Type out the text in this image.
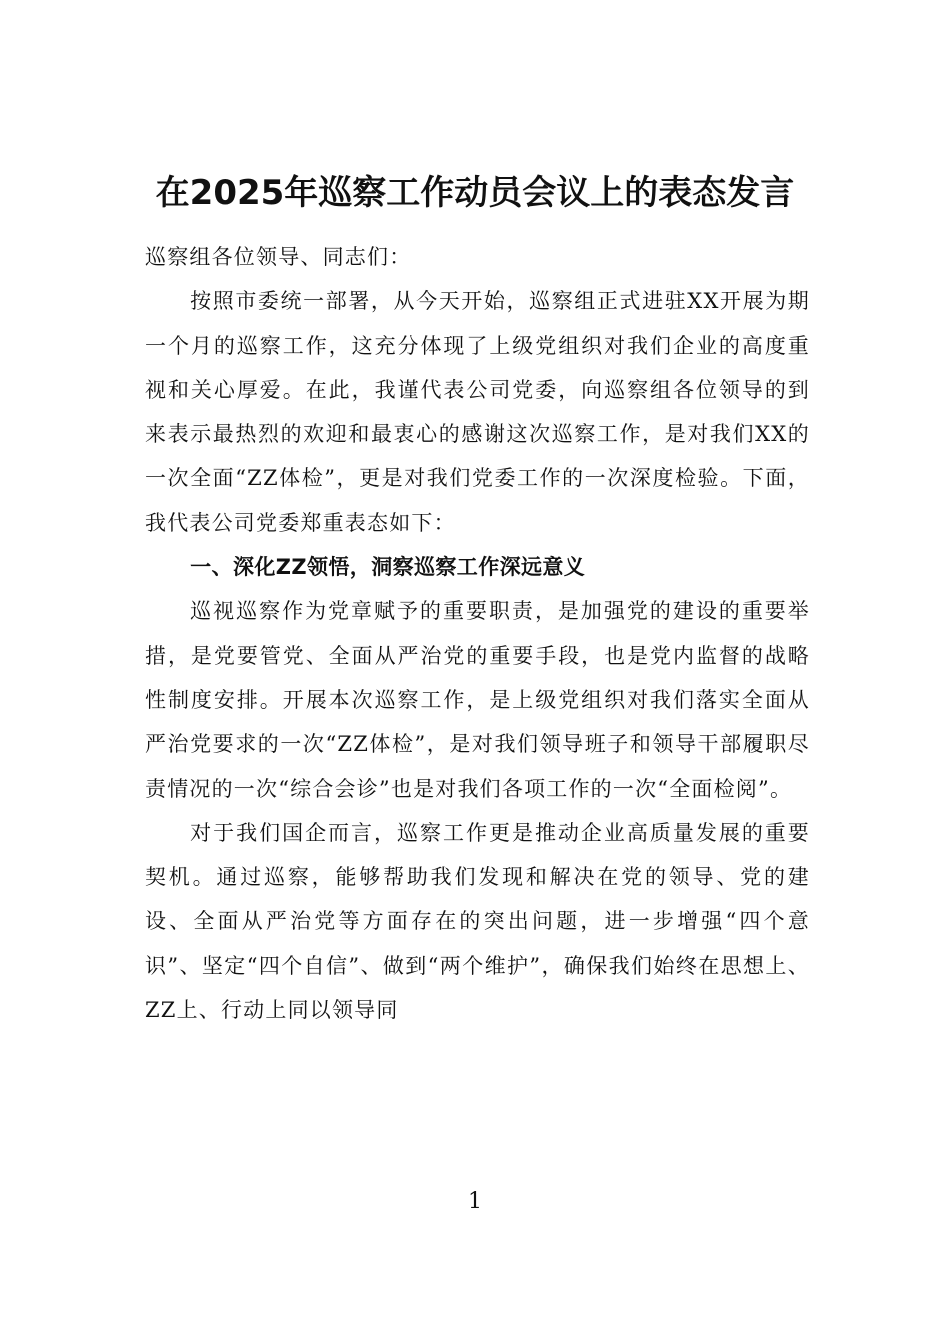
在2025年巡察工作动员会议上的表态发言

巡察组各位领导、同志们：

按照市委统一部署，从今天开始，巡察组正式进驻XX开展为期一个月的巡察工作，这充分体现了上级党组织对我们企业的高度重视和关心厚爱。在此，我谨代表公司党委，向巡察组各位领导的到来表示最热烈的欢迎和最衷心的感谢这次巡察工作，是对我们XX的一次全面“ZZ体检”，更是对我们党委工作的一次深度检验。下面，我代表公司党委郑重表态如下：

一、深化ZZ领悟，洞察巡察工作深远意义

巡视巡察作为党章赋予的重要职责，是加强党的建设的重要举措，是党要管党、全面从严治党的重要手段，也是党内监督的战略性制度安排。开展本次巡察工作，是上级党组织对我们落实全面从严治党要求的一次“ZZ体检”，是对我们领导班子和领导干部履职尽责情况的一次“综合会诊”也是对我们各项工作的一次“全面检阅”。

对于我们国企而言，巡察工作更是推动企业高质量发展的重要契机。通过巡察，能够帮助我们发现和解决在党的领导、党的建设、全面从严治党等方面存在的突出问题，进一步增强“四个意识”、坚定“四个自信”、做到“两个维护”，确保我们始终在思想上、ZZ上、行动上同以领导同

1
